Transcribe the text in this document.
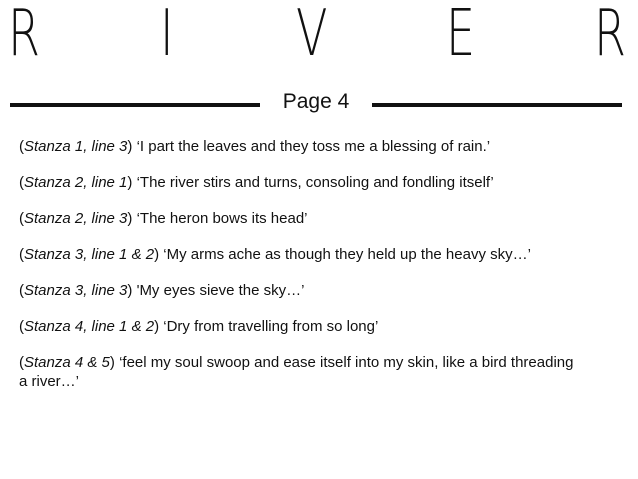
R I V E R
Page 4

(Stanza 1, line 3) ‘I part the leaves and they toss me a blessing of rain.’

(Stanza 2, line 1) ‘The river stirs and turns, consoling and fondling itself’

(Stanza 2, line 3) ‘The heron bows its head’

(Stanza 3, line 1 & 2) ‘My arms ache as though they held up the heavy sky…’

(Stanza 3, line 3) 'My eyes sieve the sky…’

(Stanza 4, line 1 & 2) ‘Dry from travelling from so long’

(Stanza 4 & 5) ‘feel my soul swoop and ease itself into my skin, like a bird threading a river…’
